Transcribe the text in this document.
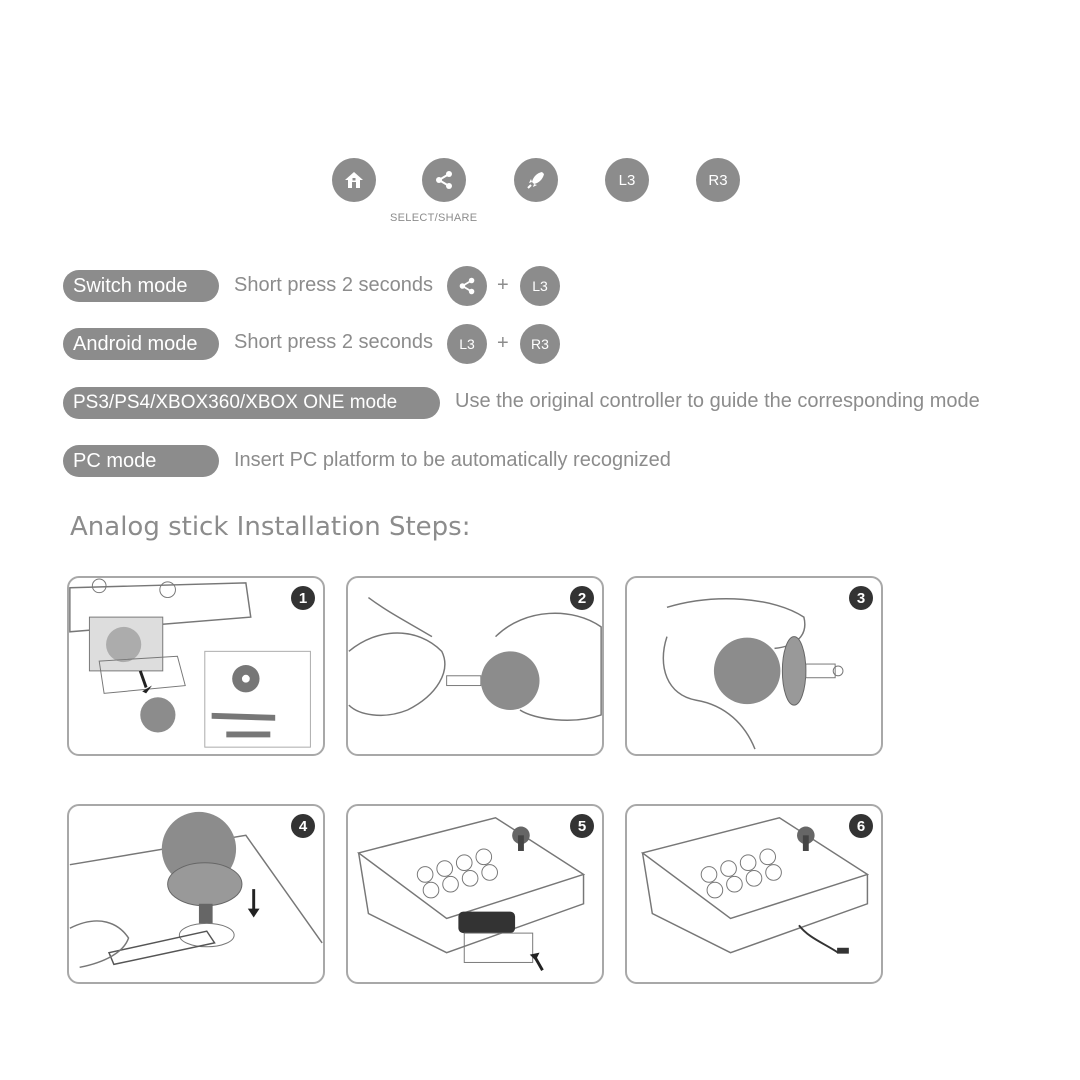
SELECT/SHARE
L3	R3
Switch mode	Short press 2 seconds	+	L3
Android mode	Short press 2 seconds	L3	+	R3
PS3/PS4/XBOX360/XBOX ONE mode	Use the original controller to guide the corresponding mode
PC mode	Insert PC platform to be automatically recognized
Analog stick Installation Steps:
1	2	3
4	5	6
